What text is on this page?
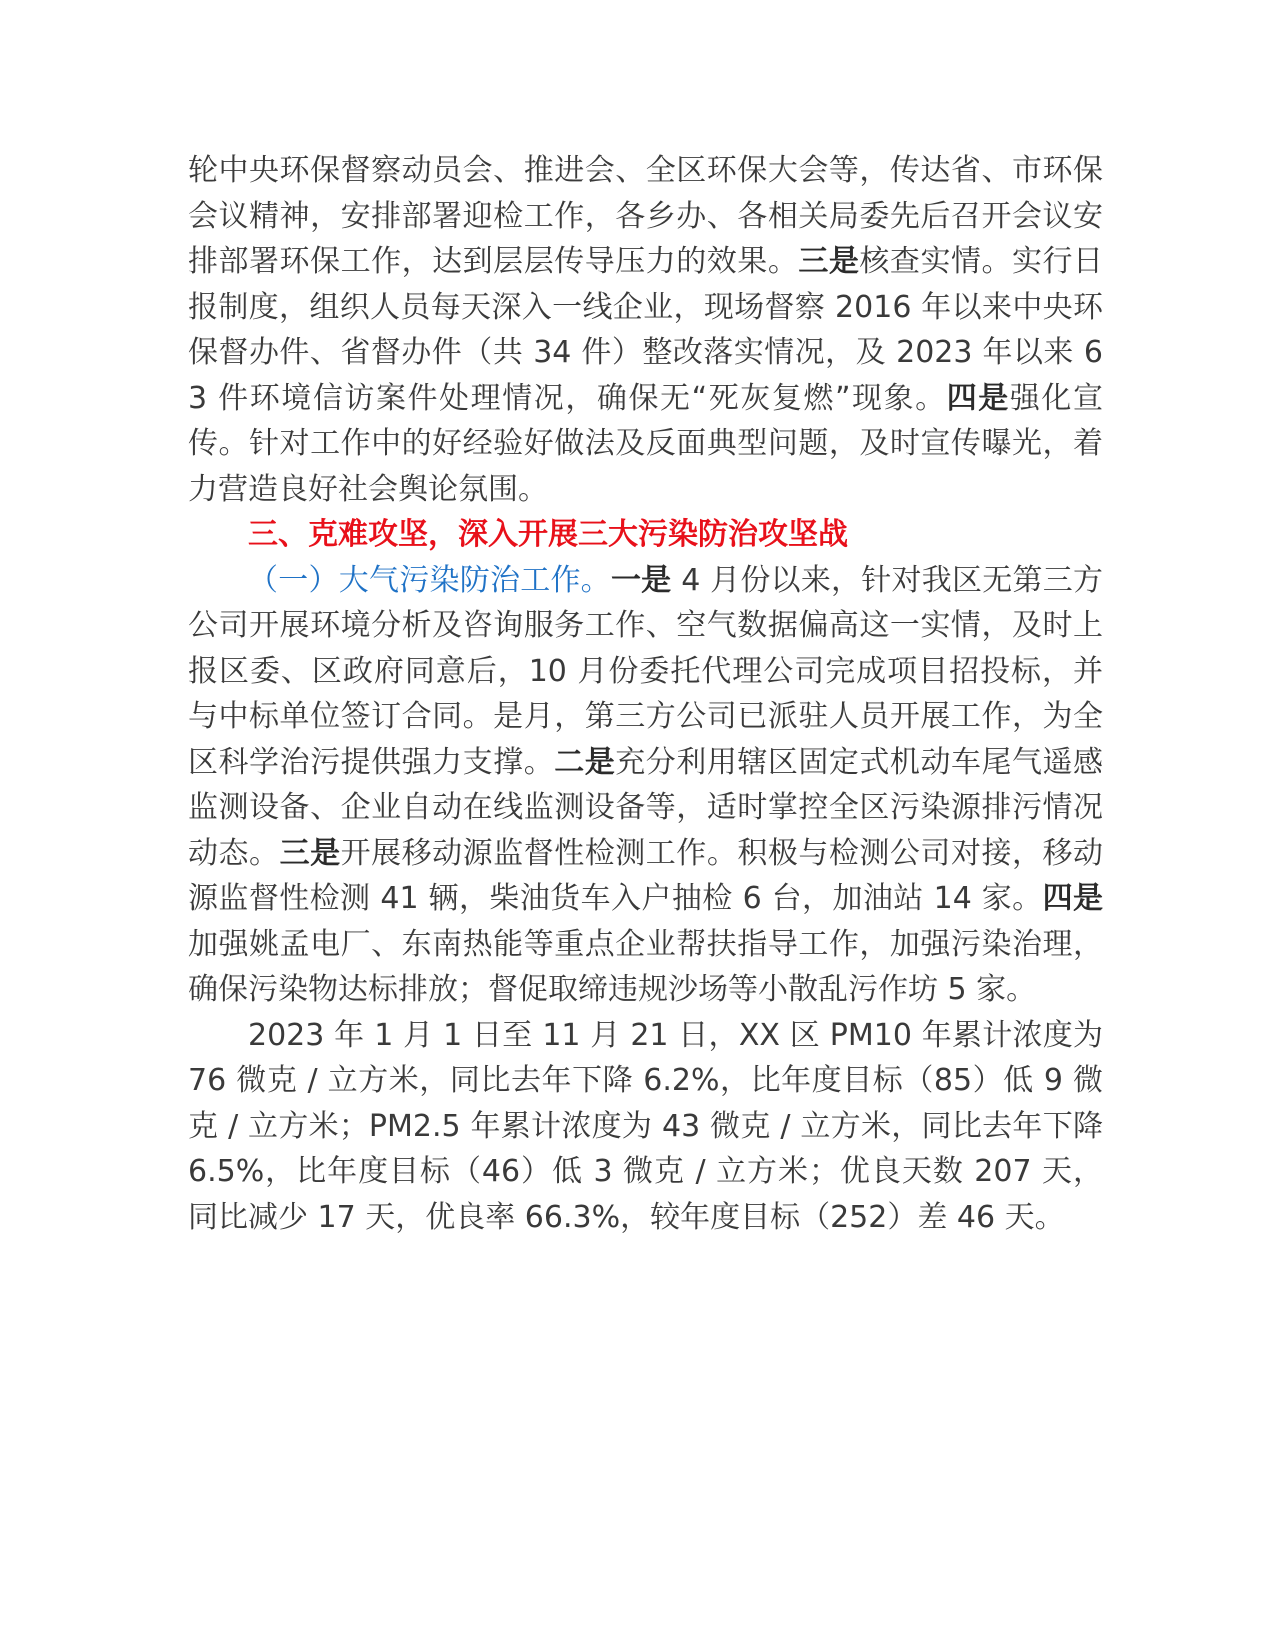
轮中央环保督察动员会、推进会、全区环保大会等，传达省、市环保会议精神，安排部署迎检工作，各乡办、各相关局委先后召开会议安排部署环保工作，达到层层传导压力的效果。三是核查实情。实行日报制度，组织人员每天深入一线企业，现场督察 2016 年以来中央环保督办件、省督办件（共 34 件）整改落实情况，及 2023 年以来 63 件环境信访案件处理情况，确保无“死灰复燃”现象。四是强化宣传。针对工作中的好经验好做法及反面典型问题，及时宣传曝光，着力营造良好社会舆论氛围。

三、克难攻坚，深入开展三大污染防治攻坚战

（一）大气污染防治工作。一是 4 月份以来，针对我区无第三方公司开展环境分析及咨询服务工作、空气数据偏高这一实情，及时上报区委、区政府同意后，10 月份委托代理公司完成项目招投标，并与中标单位签订合同。是月，第三方公司已派驻人员开展工作，为全区科学治污提供强力支撑。二是充分利用辖区固定式机动车尾气遥感监测设备、企业自动在线监测设备等，适时掌控全区污染源排污情况动态。三是开展移动源监督性检测工作。积极与检测公司对接，移动源监督性检测 41 辆，柴油货车入户抽检 6 台，加油站 14 家。四是加强姚孟电厂、东南热能等重点企业帮扶指导工作，加强污染治理，确保污染物达标排放；督促取缔违规沙场等小散乱污作坊 5 家。

2023 年 1 月 1 日至 11 月 21 日，XX 区 PM10 年累计浓度为 76 微克 / 立方米，同比去年下降 6.2%，比年度目标（85）低 9 微克 / 立方米；PM2.5 年累计浓度为 43 微克 / 立方米，同比去年下降 6.5%，比年度目标（46）低 3 微克 / 立方米；优良天数 207 天，同比减少 17 天，优良率 66.3%，较年度目标（252）差 46 天。
